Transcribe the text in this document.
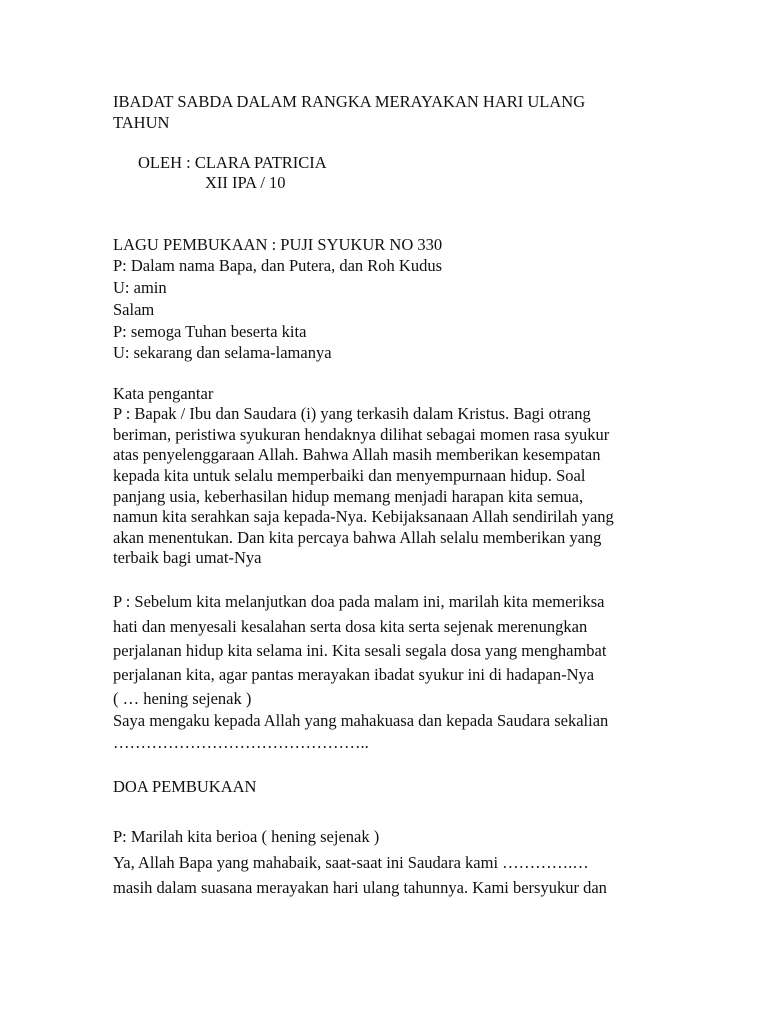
IBADAT SABDA DALAM RANGKA MERAYAKAN HARI ULANG
TAHUN
OLEH : CLARA PATRICIA
XII IPA / 10
LAGU PEMBUKAAN : PUJI SYUKUR NO 330
P: Dalam nama Bapa, dan Putera, dan Roh Kudus
U: amin
Salam
P: semoga Tuhan beserta kita
U: sekarang dan selama-lamanya
Kata pengantar
P : Bapak / Ibu dan Saudara (i) yang terkasih dalam Kristus. Bagi otrang
beriman, peristiwa syukuran hendaknya dilihat sebagai momen rasa syukur
atas penyelenggaraan Allah. Bahwa Allah masih memberikan kesempatan
kepada kita untuk selalu memperbaiki dan menyempurnaan hidup. Soal
panjang usia, keberhasilan hidup memang menjadi harapan kita semua,
namun kita serahkan saja kepada-Nya. Kebijaksanaan Allah sendirilah yang
akan menentukan. Dan kita percaya bahwa Allah selalu memberikan yang
terbaik bagi umat-Nya
P : Sebelum kita melanjutkan doa pada malam ini, marilah kita memeriksa
hati dan menyesali kesalahan serta dosa kita serta sejenak merenungkan
perjalanan hidup kita selama ini. Kita sesali segala dosa yang menghambat
perjalanan kita, agar pantas merayakan ibadat syukur ini di hadapan-Nya
( … hening sejenak )
Saya mengaku kepada Allah yang mahakuasa dan kepada Saudara sekalian
………………………………………..
DOA PEMBUKAAN
P: Marilah kita berioa ( hening sejenak )
Ya, Allah Bapa yang mahabaik, saat-saat ini Saudara kami ………….…
masih dalam suasana merayakan hari ulang tahunnya. Kami bersyukur dan
